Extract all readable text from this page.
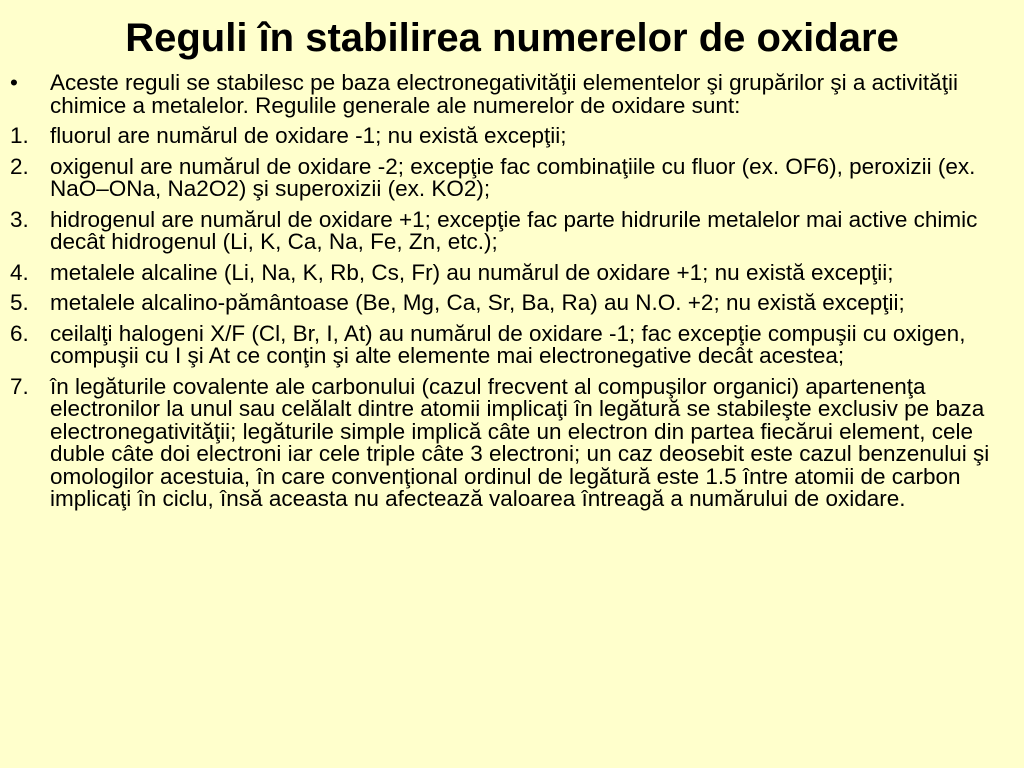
Reguli în stabilirea numerelor de oxidare
•	Aceste reguli se stabilesc pe baza electronegativităţii elementelor şi grupărilor şi a activităţii chimice a metalelor. Regulile generale ale numerelor de oxidare sunt:
1. fluorul are numărul de oxidare -1; nu există excepţii;
2. oxigenul are numărul de oxidare -2; excepţie fac combinaţiile cu fluor (ex. OF6), peroxizii (ex. NaO–ONa, Na2O2) şi superoxizii (ex. KO2);
3. hidrogenul are numărul de oxidare +1; excepţie fac parte hidrurile metalelor mai active chimic decât hidrogenul (Li, K, Ca, Na, Fe, Zn, etc.);
4. metalele alcaline (Li, Na, K, Rb, Cs, Fr) au numărul de oxidare +1; nu există excepţii;
5. metalele alcalino-pământoase (Be, Mg, Ca, Sr, Ba, Ra) au N.O. +2; nu există excepţii;
6. ceilalţi halogeni X/F (Cl, Br, I, At) au numărul de oxidare -1; fac excepţie compuşii cu oxigen, compuşii cu I şi At ce conţin şi alte elemente mai electronegative decât acestea;
7. în legăturile covalente ale carbonului (cazul frecvent al compuşilor organici) apartenenţa electronilor la unul sau celălalt dintre atomii implicaţi în legătură se stabileşte exclusiv pe baza electronegativităţii; legăturile simple implică câte un electron din partea fiecărui element, cele duble câte doi electroni iar cele triple câte 3 electroni; un caz deosebit este cazul benzenului şi omologilor acestuia, în care convenţional ordinul de legătură este 1.5 între atomii de carbon implicaţi în ciclu, însă aceasta nu afectează valoarea întreagă a numărului de oxidare.
